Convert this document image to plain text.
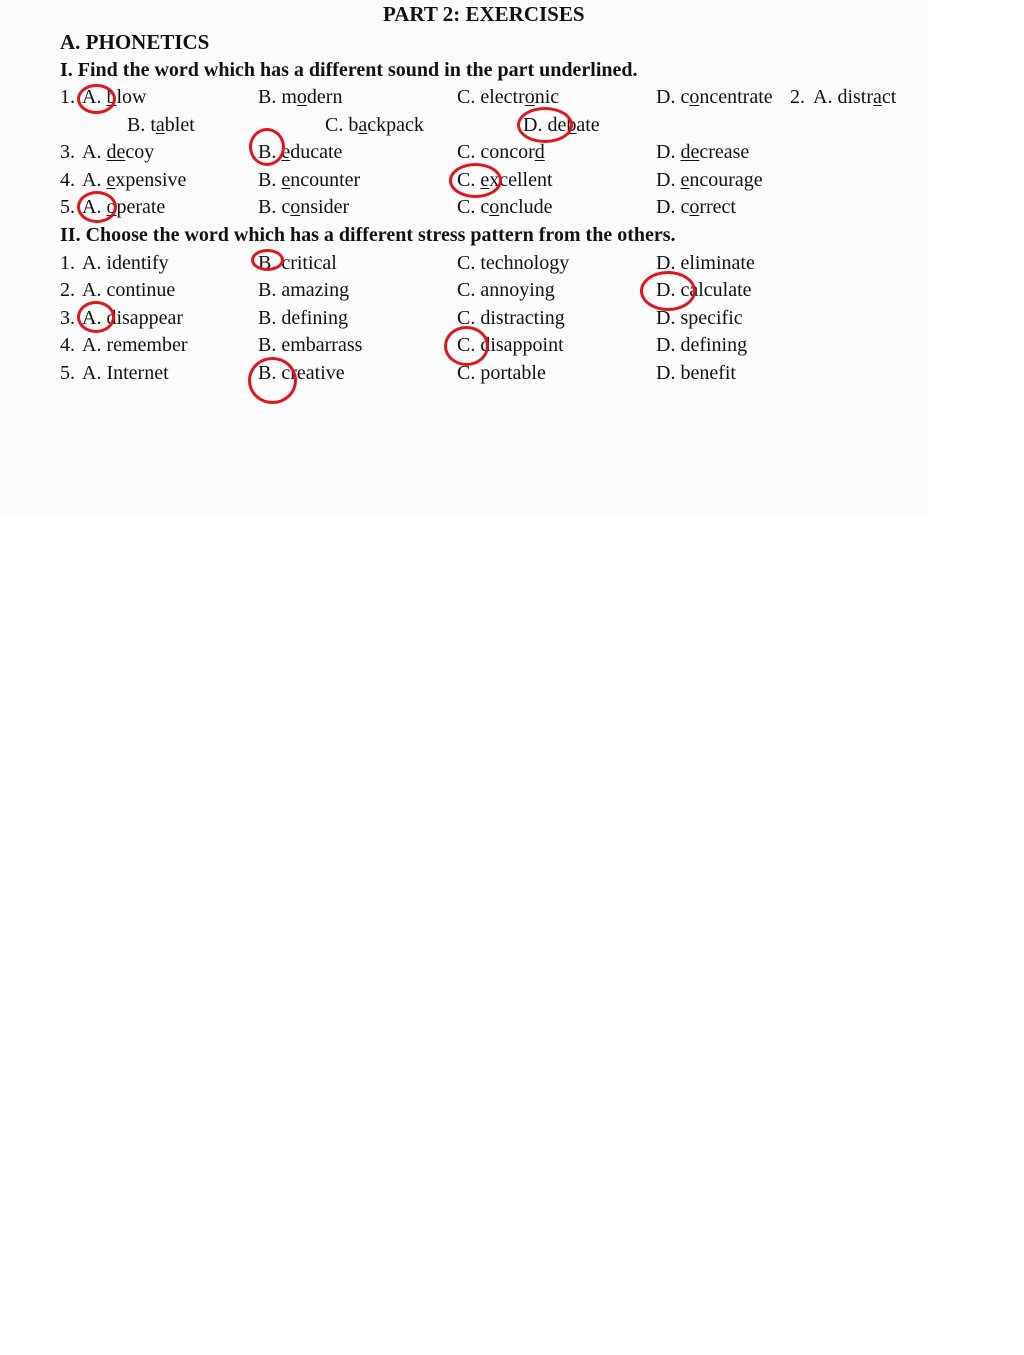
PART 2: EXERCISES
A. PHONETICS
I. Find the word which has a different sound in the part underlined.
1. A. blow	B. modern	C. electronic	D. concentrate 2. A. distract
B. tablet	C. backpack	D. debate
3. A. decoy	B. educate	C. concord	D. decrease
4. A. expensive	B. encounter	C. excellent	D. encourage
5. A. operate	B. consider	C. conclude	D. correct
II. Choose the word which has a different stress pattern from the others.
1. A. identify	B. critical	C. technology	D. eliminate
2. A. continue	B. amazing	C. annoying	D. calculate
3. A. disappear	B. defining	C. distracting	D. specific
4. A. remember	B. embarrass	C. disappoint	D. defining
5. A. Internet	B. creative	C. portable	D. benefit
